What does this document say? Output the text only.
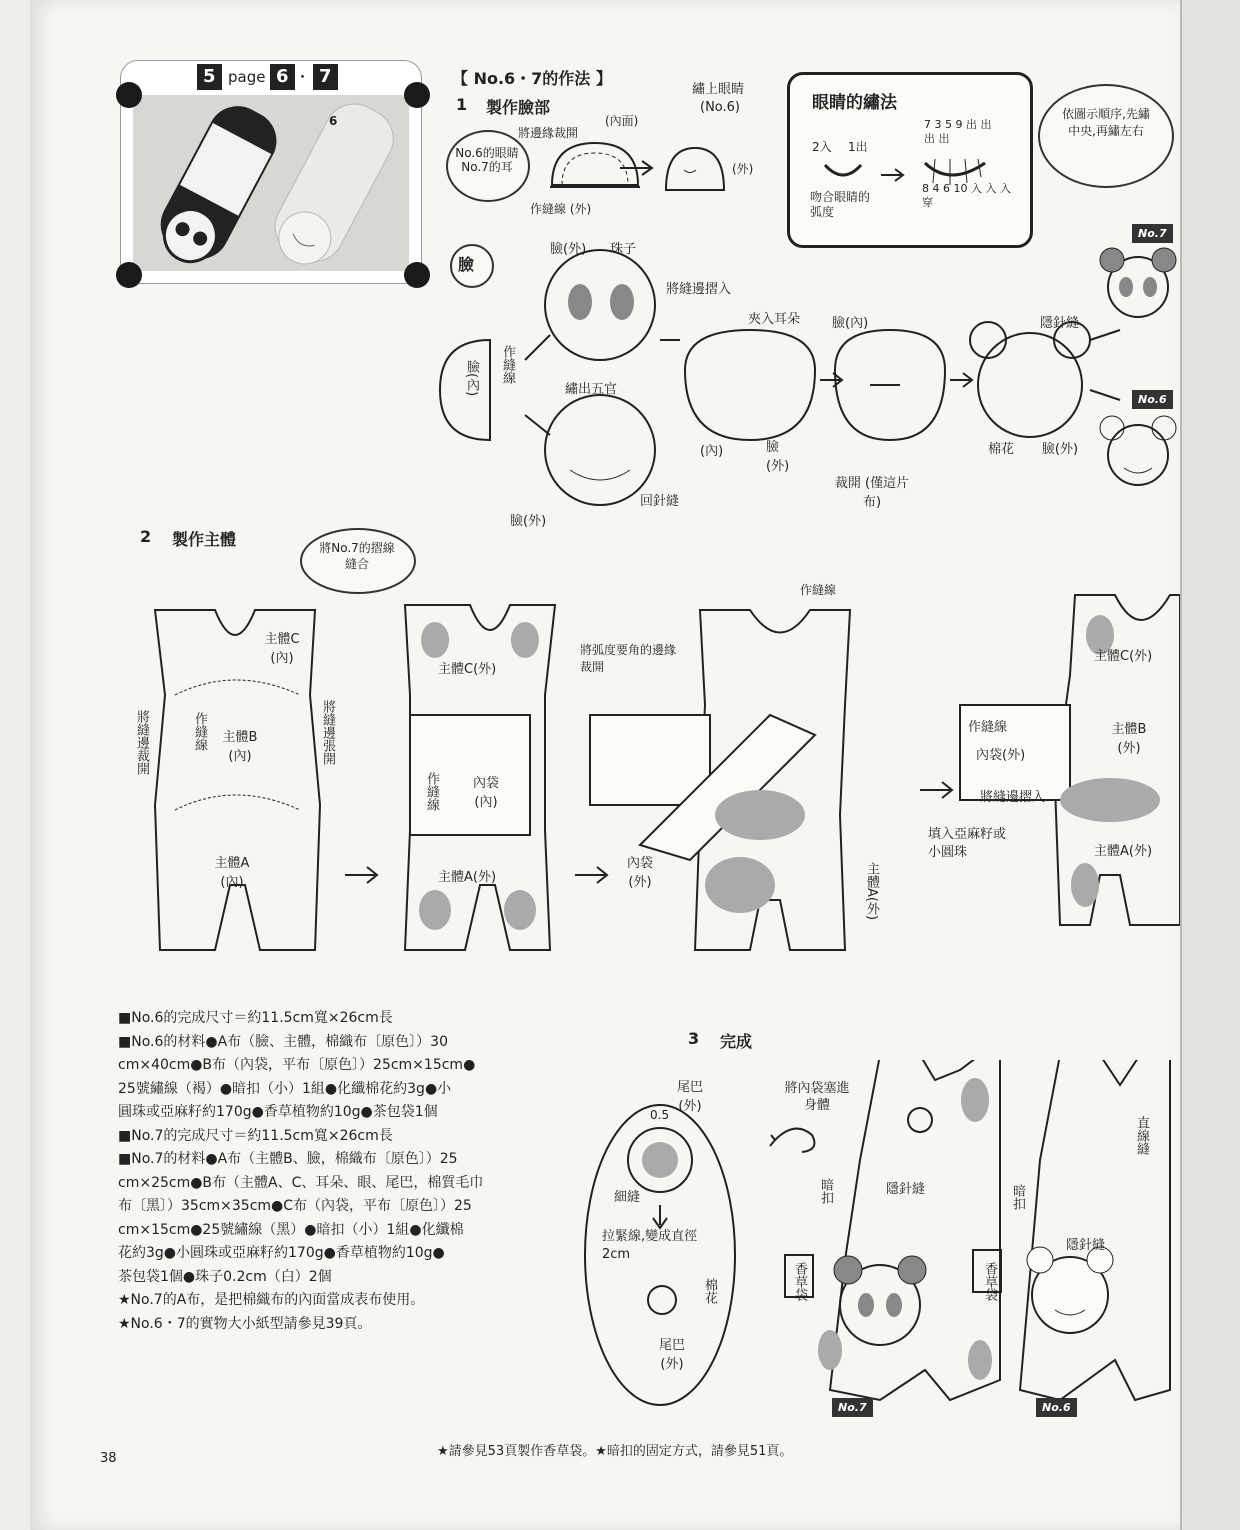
7	6
5 page 6 ・ 7	【 No.6・7的作法 】
1 製作臉部
No.6的眼睛No.7的耳
將邊緣裁開
(內面)
作縫線 (外)
繡上眼睛
(No.6)
(外)
眼睛的繡法
2入 1出
吻合眼睛的弧度
7 3 5 9 出 出 出 出
8 4 6 10 入 入 入 穿
依圖示順序,先繡中央,再繡左右
臉
臉(外) 珠子
將縫邊摺入
臉(內) 作縫線
繡出五官
臉(外)
回針縫
夾入耳朵
(內)	臉(外)
臉(內)
裁開 (僅這片布)
隱針縫
棉花 臉(外)
No.7
No.6
2 製作主體	將No.7的摺線縫合
主體C (內)
將縫邊裁開	作縫線 主體B (內)	將縫邊張開
主體A (內)
主體C(外)
作縫線	內袋 (內)
主體A(外)
將弧度要角的邊緣裁開
作縫線
內袋 (外)	主體A(外)
作縫線
內袋(外)
將縫邊摺入
填入亞麻籽或小圓珠
主體C(外)
主體B (外)
主體A(外)
■No.6的完成尺寸＝約11.5cm寬×26cm長
■No.6的材料●A布（臉、主體，棉織布〔原色〕）30
cm×40cm●B布（內袋，平布〔原色〕）25cm×15cm●
25號繡線（褐）●暗扣（小）1組●化纖棉花約3g●小
圓珠或亞麻籽約170g●香草植物約10g●茶包袋1個
■No.7的完成尺寸＝約11.5cm寬×26cm長
■No.7的材料●A布（主體B、臉，棉織布〔原色〕）25
cm×25cm●B布（主體A、C、耳朵、眼、尾巴，棉質毛巾
布〔黑〕）35cm×35cm●C布（內袋，平布〔原色〕）25
cm×15cm●25號繡線（黑）●暗扣（小）1組●化纖棉
花約3g●小圓珠或亞麻籽約170g●香草植物約10g●
茶包袋1個●珠子0.2cm（白）2個
★No.7的A布，是把棉織布的內面當成表布使用。
★No.6・7的實物大小紙型請參見39頁。
3 完成
尾巴(外)
0.5
細縫
拉緊線,變成直徑2cm
棉花
尾巴 (外)
將內袋塞進身體
隱針縫
暗扣
香草袋
直線縫
暗扣
隱針縫
香草袋
No.7	No.6
★請參見53頁製作香草袋。★暗扣的固定方式，請參見51頁。
38
